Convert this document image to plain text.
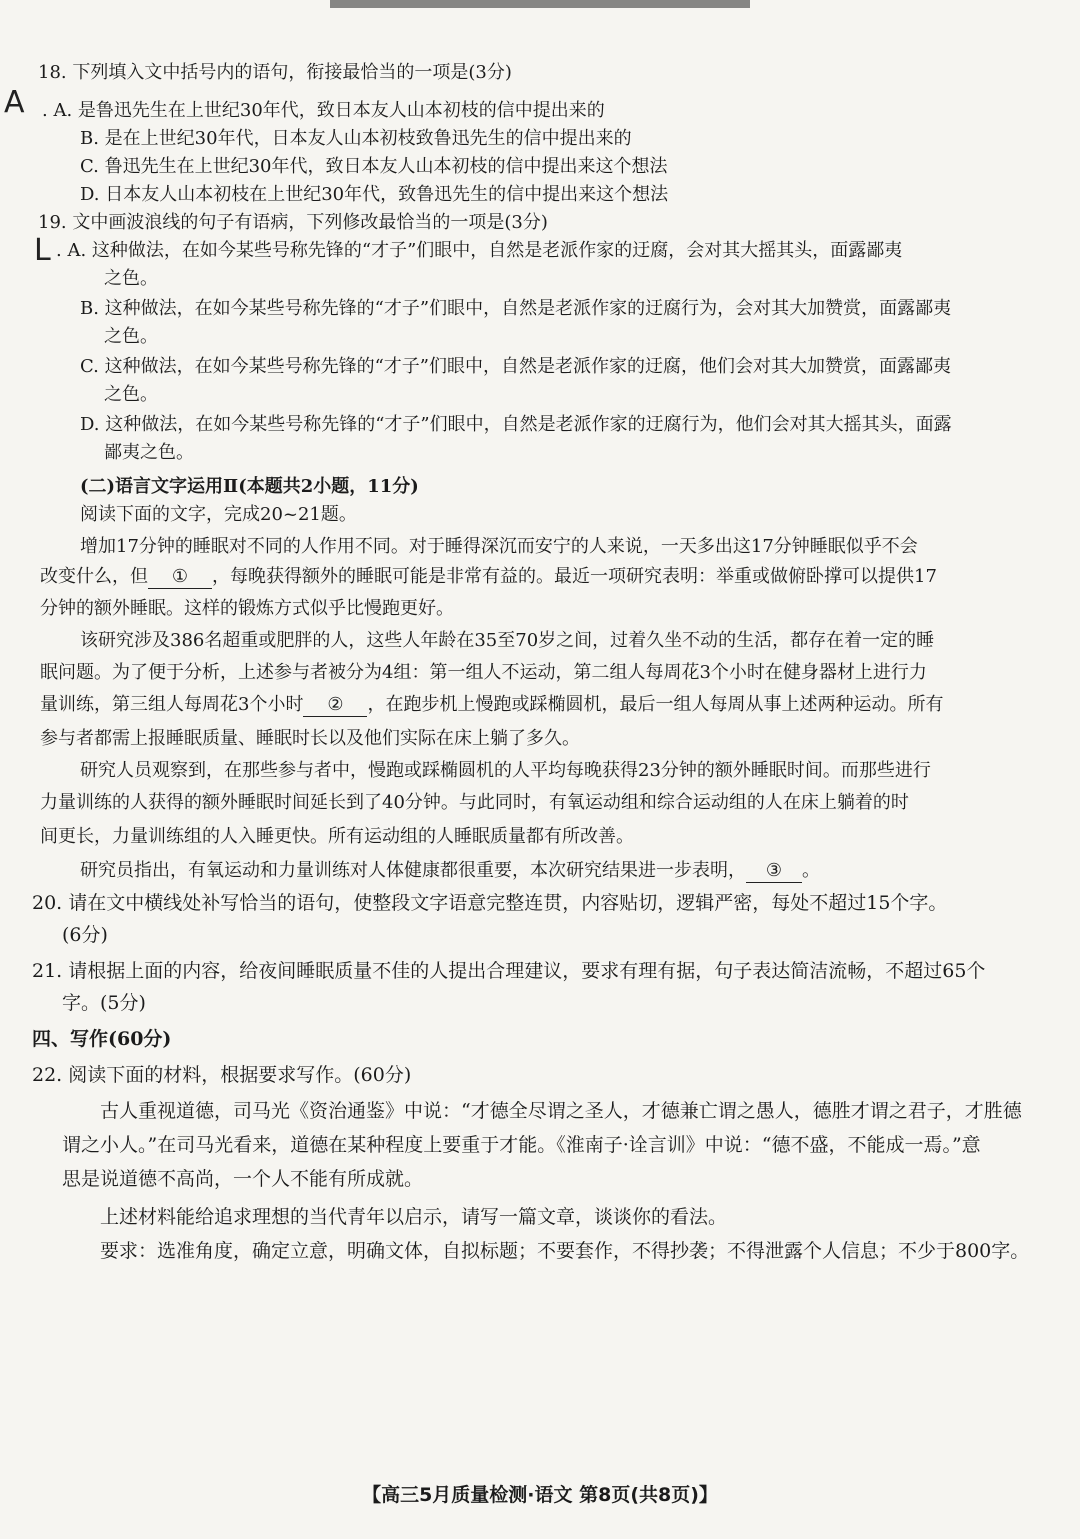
18. 下列填入文中括号内的语句，衔接最恰当的一项是(3分)
A . A. 是鲁迅先生在上世纪30年代，致日本友人山本初枝的信中提出来的
B. 是在上世纪30年代，日本友人山本初枝致鲁迅先生的信中提出来的
C. 鲁迅先生在上世纪30年代，致日本友人山本初枝的信中提出来这个想法
D. 日本友人山本初枝在上世纪30年代，致鲁迅先生的信中提出来这个想法
19. 文中画波浪线的句子有语病，下列修改最恰当的一项是(3分)
L . A. 这种做法，在如今某些号称先锋的“才子”们眼中，自然是老派作家的迂腐，会对其大摇其头，面露鄙夷
之色。
B. 这种做法，在如今某些号称先锋的“才子”们眼中，自然是老派作家的迂腐行为，会对其大加赞赏，面露鄙夷
之色。
C. 这种做法，在如今某些号称先锋的“才子”们眼中，自然是老派作家的迂腐，他们会对其大加赞赏，面露鄙夷
之色。
D. 这种做法，在如今某些号称先锋的“才子”们眼中，自然是老派作家的迂腐行为，他们会对其大摇其头，面露
鄙夷之色。
(二)语言文字运用Ⅱ(本题共2小题，11分)
阅读下面的文字，完成20~21题。
增加17分钟的睡眠对不同的人作用不同。对于睡得深沉而安宁的人来说，一天多出这17分钟睡眠似乎不会
改变什么，但 ① ，每晚获得额外的睡眠可能是非常有益的。最近一项研究表明：举重或做俯卧撑可以提供17
分钟的额外睡眠。这样的锻炼方式似乎比慢跑更好。
该研究涉及386名超重或肥胖的人，这些人年龄在35至70岁之间，过着久坐不动的生活，都存在着一定的睡
眠问题。为了便于分析，上述参与者被分为4组：第一组人不运动，第二组人每周花3个小时在健身器材上进行力
量训练，第三组人每周花3个小时 ② ，在跑步机上慢跑或踩椭圆机，最后一组人每周从事上述两种运动。所有
参与者都需上报睡眠质量、睡眠时长以及他们实际在床上躺了多久。
研究人员观察到，在那些参与者中，慢跑或踩椭圆机的人平均每晚获得23分钟的额外睡眠时间。而那些进行
力量训练的人获得的额外睡眠时间延长到了40分钟。与此同时，有氧运动组和综合运动组的人在床上躺着的时
间更长，力量训练组的人入睡更快。所有运动组的人睡眠质量都有所改善。
研究员指出，有氧运动和力量训练对人体健康都很重要，本次研究结果进一步表明， ③ 。
20. 请在文中横线处补写恰当的语句，使整段文字语意完整连贯，内容贴切，逻辑严密，每处不超过15个字。
(6分)
21. 请根据上面的内容，给夜间睡眠质量不佳的人提出合理建议，要求有理有据，句子表达简洁流畅，不超过65个
字。(5分)
四、写作(60分)
22. 阅读下面的材料，根据要求写作。(60分)
古人重视道德，司马光《资治通鉴》中说：“才德全尽谓之圣人，才德兼亡谓之愚人，德胜才谓之君子，才胜德
谓之小人。”在司马光看来，道德在某种程度上要重于才能。《淮南子·诠言训》中说：“德不盛，不能成一焉。”意
思是说道德不高尚，一个人不能有所成就。
上述材料能给追求理想的当代青年以启示，请写一篇文章，谈谈你的看法。
要求：选准角度，确定立意，明确文体，自拟标题；不要套作，不得抄袭；不得泄露个人信息；不少于800字。
【高三5月质量检测·语文 第8页(共8页)】
